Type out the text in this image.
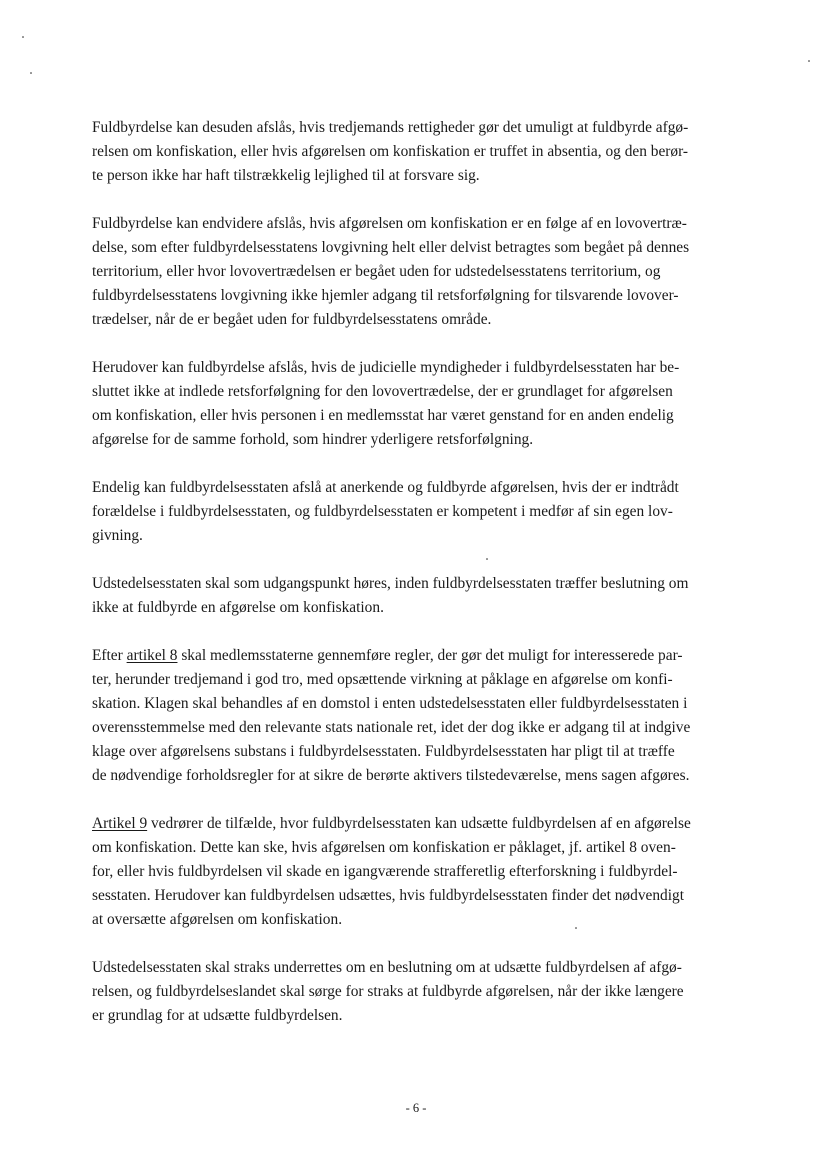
Fuldbyrdelse kan desuden afslås, hvis tredjemands rettigheder gør det umuligt at fuldbyrde afgø-
relsen om konfiskation, eller hvis afgørelsen om konfiskation er truffet in absentia, og den berør-
te person ikke har haft tilstrækkelig lejlighed til at forsvare sig.
Fuldbyrdelse kan endvidere afslås, hvis afgørelsen om konfiskation er en følge af en lovovertræ-
delse, som efter fuldbyrdelsesstatens lovgivning helt eller delvist betragtes som begået på dennes
territorium, eller hvor lovovertrædelsen er begået uden for udstedelsesstatens territorium, og
fuldbyrdelsesstatens lovgivning ikke hjemler adgang til retsforfølgning for tilsvarende lovover-
trædelser, når de er begået uden for fuldbyrdelsesstatens område.
Herudover kan fuldbyrdelse afslås, hvis de judicielle myndigheder i fuldbyrdelsesstaten har be-
sluttet ikke at indlede retsforfølgning for den lovovertrædelse, der er grundlaget for afgørelsen
om konfiskation, eller hvis personen i en medlemsstat har været genstand for en anden endelig
afgørelse for de samme forhold, som hindrer yderligere retsforfølgning.
Endelig kan fuldbyrdelsesstaten afslå at anerkende og fuldbyrde afgørelsen, hvis der er indtrådt
forældelse i fuldbyrdelsesstaten, og fuldbyrdelsesstaten er kompetent i medfør af sin egen lov-
givning.
Udstedelsesstaten skal som udgangspunkt høres, inden fuldbyrdelsesstaten træffer beslutning om
ikke at fuldbyrde en afgørelse om konfiskation.
Efter artikel 8 skal medlemsstaterne gennemføre regler, der gør det muligt for interesserede par-
ter, herunder tredjemand i god tro, med opsættende virkning at påklage en afgørelse om konfi-
skation. Klagen skal behandles af en domstol i enten udstedelsesstaten eller fuldbyrdelsesstaten i
overensstemmelse med den relevante stats nationale ret, idet der dog ikke er adgang til at indgive
klage over afgørelsens substans i fuldbyrdelsesstaten. Fuldbyrdelsesstaten har pligt til at træffe
de nødvendige forholdsregler for at sikre de berørte aktivers tilstedeværelse, mens sagen afgøres.
Artikel 9 vedrører de tilfælde, hvor fuldbyrdelsesstaten kan udsætte fuldbyrdelsen af en afgørelse
om konfiskation. Dette kan ske, hvis afgørelsen om konfiskation er påklaget, jf. artikel 8 oven-
for, eller hvis fuldbyrdelsen vil skade en igangværende strafferetlig efterforskning i fuldbyrdel-
sesstaten. Herudover kan fuldbyrdelsen udsættes, hvis fuldbyrdelsesstaten finder det nødvendigt
at oversætte afgørelsen om konfiskation.
Udstedelsesstaten skal straks underrettes om en beslutning om at udsætte fuldbyrdelsen af afgø-
relsen, og fuldbyrdelseslandet skal sørge for straks at fuldbyrde afgørelsen, når der ikke længere
er grundlag for at udsætte fuldbyrdelsen.
- 6 -
